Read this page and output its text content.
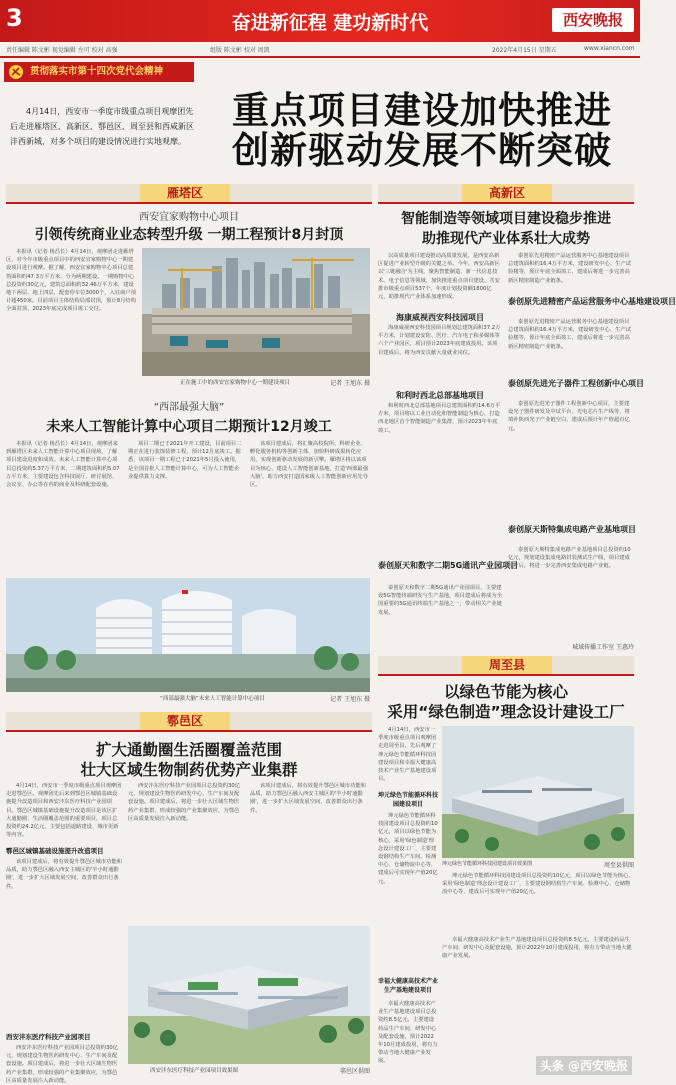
3	奋进新征程 建功新时代	西安晚报
责任编辑 陈文彬 视觉编辑 左可 校对 高强	组版 陈文彬 校对 周凯	2022年4月15日 星期五	www.xiancn.com
贯彻落实市第十四次党代会精神
4月14日，西安市一季度市级重点项目观摩团先后走进雁塔区、高新区、鄠邑区、周至县和西咸新区沣西新城，对多个项目的建设情况进行实地观摩。
重点项目建设加快推进
创新驱动发展不断突破
雁塔区
西安宜家购物中心项目
引领传统商业业态转型升级 一期工程预计8月封顶
本报讯（记者 杨昌长）4月14日，观摩团走进雁塔区，对今年市级重点项目中的西安宜家购物中心一期建设项目进行观摩。据了解，西安宜家购物中心项目总建筑面积约47.3万平方米，分为两期建设。一期购物中心总投资约30亿元，建筑总面积约32.46万平方米，建设地下两层、地上四层，配套停车位3000个，入驻商户预计超450家。目前项目主体结构局部封顶，预计8月结构全面封顶，2023年底完成项目竣工交付。
正在施工中的西安宜家购物中心一期建设项目	记者 王旭东 摄
“西部最强大脑”
未来人工智能计算中心项目二期预计12月竣工
本报讯（记者 杨昌长）4月14日，观摩团来到雁塔区未来人工智能计算中心项目现场，了解项目建设进度和成效。未来人工智能计算中心项目总投资约5.37万平方米，二期建筑面积约5.07万平方米，主要建设包含科技展厅、研讨展馆、会议室、办公等在内的商业及科研配套设施。
项目二期已于2021年开工建设，目前项目二期正在进行装饰装修工程，预计12月底竣工。据悉，该项目一期工程已于2021年5月投入使用，是全国首批人工智能计算中心，可为人工智能企业提供算力支撑。
该项目建成后，将汇聚高校院所、科研企业、孵化服务机构等创新主体，加快科研成果转化应用，实现创新驱动发展的新引擎。雁塔区将以该项目为核心，建设人工智能创新基地，打造'西部最强大脑'，助力西安打造国家级人工智能创新应用先导区。
“西部最强大脑”未来人工智能计算中心项目	记者 王旭东 摄
鄠邑区
扩大通勤圈生活圈覆盖范围
壮大区域生物制药优势产业集群
4月14日，西安市一季度市级重点项目观摩团走进鄠邑区。观摩团先后来到鄠邑区城镇基础设施提升改造项目和西安沣东医疗科技产业园项目。鄠邑区城镇基础设施提升改造项目是该区扩大通勤圈、生活圈覆盖范围的重要项目，项目总投资约24.2亿元，主要包括道路建设、城市更新等内容。
鄠邑区城镇基础设施提升改造项目
该项目建成后，将有效提升鄠邑区城市功能和品质，助力鄠邑区融入西安主城区的'半小时通勤圈'，进一步扩大区域发展空间，改善群众出行条件。
西安沣东医疗科技产业园项目
西安沣东医疗科技产业园项目总投资约30亿元，规划建设生物医药研发中心、生产车间及配套设施。项目建成后，将进一步壮大区域生物医药产业集群，形成较强的产业集聚效应，为鄠邑区高质量发展注入新动能。
西安沣东医疗科技产业园项目总投资约30亿元，规划建设生物医药研发中心、生产车间及配套设施。项目建成后，将进一步壮大区域生物医药产业集群，形成较强的产业集聚效应，为鄠邑区高质量发展注入新动能。
该项目建成后，将有效提升鄠邑区城市功能和品质，助力鄠邑区融入西安主城区的'半小时通勤圈'，进一步扩大区域发展空间，改善群众出行条件。
西安沣东医疗科技产业园项目效果图	鄠邑区供图
高新区
智能制造等领域项目建设稳步推进
助推现代产业体系壮大成势
以高质量项目建设推动高质量发展，是西安高新区促进产业转型升级的关键之举。今年，西安高新区以'三链融合'为主线，聚焦智能制造、新一代信息技术、电子信息等领域，加快推进重点项目建设，共安排市级重点项目537个，年度计划投资额1800亿元，助推现代产业体系加速形成。
海康威视西安科技园项目
海康威视西安科技园项目规划总建筑面积37.2万平方米，计划建设安防、医疗、汽车电子和多媒体等六个产业园区，项目预计2023年底建成投用。该项目建成后，将为西安贡献大量就业岗位。
和利时西北总部基地项目
和利时西北总部基地项目总建筑面积约14.6万平方米，项目将以工业自动化和智能制造为核心，打造西北地区首个智能制造产业集群，预计2023年年底竣工。
泰创原天和数字二期5G通讯产业园项目
泰创原天和数字二期5G通讯产业园项目，主要建设5G智能终端研发与生产基地，项目建成后将成为全国重要的5G通讯终端生产基地之一，带动相关产业链发展。
泰创原先进精密产品运营服务中心基地建设项目总建筑面积约16.4万平方米，建设研发中心、生产试验楼等，预计年底全面竣工，建成后将进一步完善高新区精密制造产业链条。
泰创原先进精密产品运营服务中心基地建设项目
泰创原先进精密产品运营服务中心基地建设项目总建筑面积约16.4万平方米，建设研发中心、生产试验楼等，预计年底全面竣工，建成后将进一步完善高新区精密制造产业链条。
泰创原先进光子器件工程创新中心项目
泰创原先进光子器件工程创新中心项目，主要建设光子器件研发及中试平台、光电芯片生产线等，将填补陕西光子产业链空白，建成后预计年产值超百亿元。
泰创原天斯特集成电路产业基地项目
泰创原天斯特集成电路产业基地项目总投资约10亿元，规划建设集成电路封装测试生产线，项目建成投产后，将进一步完善西安集成电路产业链。
城域传播工作室 王惠玲
周至县
以绿色节能为核心
采用“绿色制造”理念设计建设工厂
4月14日，西安市一季度市级重点项目观摩团走进周至县，先后观摩了坤元绿色节能循环科技园建设项目和幸福大健康高技术产业生产基地建设项目。
坤元绿色节能循环科技园建设项目
坤元绿色节能循环科技园建设项目总投资约10亿元，项目以绿色节能为核心，采用'绿色制造'理念设计建设工厂，主要建设钢结构生产车间、检测中心、仓储物流中心等，建成后可实现年产值20亿元。
幸福大健康高技术产业生产基地建设项目
幸福大健康高技术产业生产基地建设项目总投资约8.5亿元，主要建设药品生产车间、研发中心及配套设施，预计2022年10月建成投用，将有力带动当地大健康产业发展。
坤元绿色节能循环科技园建设项目效果图	周至县供图
坤元绿色节能循环科技园建设项目总投资约10亿元，项目以绿色节能为核心，采用'绿色制造'理念设计建设工厂，主要建设钢结构生产车间、检测中心、仓储物流中心等，建成后可实现年产值20亿元。
幸福大健康高技术产业生产基地建设项目总投资约8.5亿元，主要建设药品生产车间、研发中心及配套设施，预计2022年10月建成投用，将有力带动当地大健康产业发展。
头条 @西安晚报
